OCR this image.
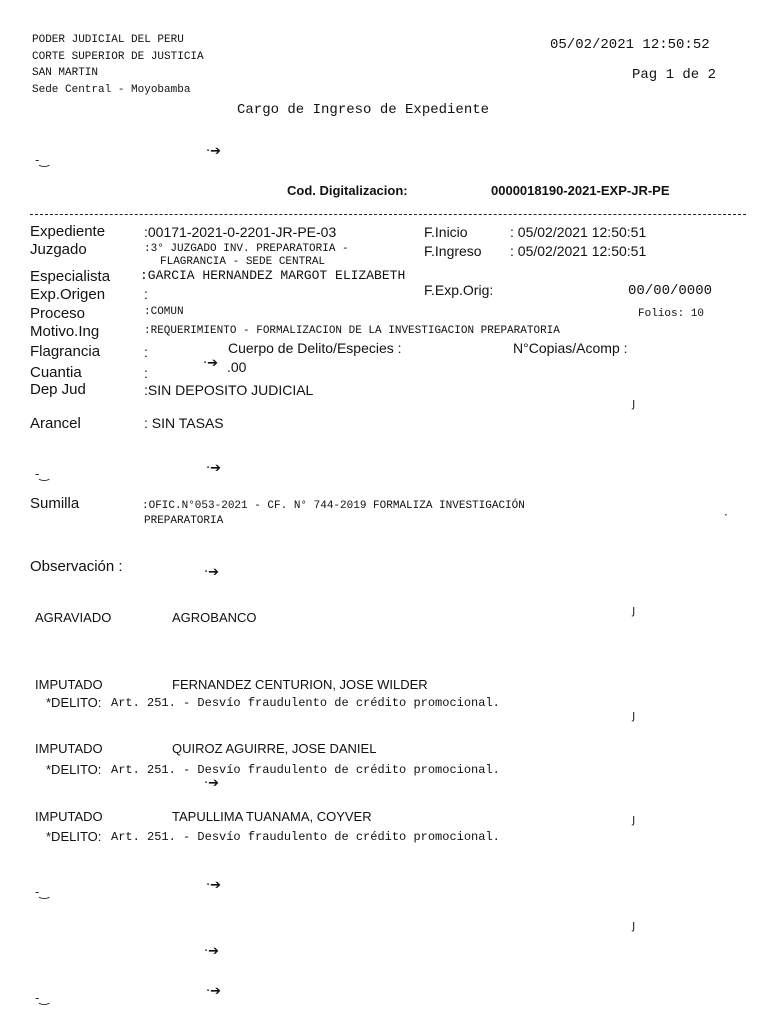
PODER JUDICIAL DEL PERU
CORTE SUPERIOR DE JUSTICIA
SAN MARTIN
Sede Central - Moyobamba
05/02/2021 12:50:52
Pag 1 de 2
Cargo de Ingreso de Expediente
-‿
·➔
Cod. Digitalizacion:	0000018190-2021-EXP-JR-PE
Expediente	:00171-2021-0-2201-JR-PE-03	F.Inicio	: 05/02/2021 12:50:51
Juzgado	:3° JUZGADO INV. PREPARATORIA -
FLAGRANCIA - SEDE CENTRAL
F.Ingreso : 05/02/2021 12:50:51
Especialista :GARCIA HERNANDEZ MARGOT ELIZABETH
Exp.Origen	:	F.Exp.Orig:	00/00/0000
Proceso	:COMUN	Folios: 10
Motivo.Ing	:REQUERIMIENTO - FORMALIZACION DE LA INVESTIGACION PREPARATORIA
Flagrancia	:	Cuerpo de Delito/Especies :	N°Copias/Acomp :
Cuantia	:
·➔ .00
Dep Jud	:SIN DEPOSITO JUDICIAL
ȷ
Arancel	: SIN TASAS
-‿	·➔
Sumilla	:OFIC.N°053-2021 - CF. N° 744-2019 FORMALIZA INVESTIGACIÓN
PREPARATORIA	·
Observación :	·➔
AGRAVIADO	AGROBANCO	ȷ
IMPUTADO	FERNANDEZ CENTURION, JOSE WILDER
*DELITO: Art. 251. - Desvío fraudulento de crédito promocional.
ȷ
IMPUTADO	QUIROZ AGUIRRE, JOSE DANIEL
*DELITO: Art. 251. - Desvío fraudulento de crédito promocional.
·➔
IMPUTADO	TAPULLIMA TUANAMA, COYVER
*DELITO: Art. 251. - Desvío fraudulento de crédito promocional.
ȷ
-‿	·➔
ȷ
·➔
-‿	·➔
